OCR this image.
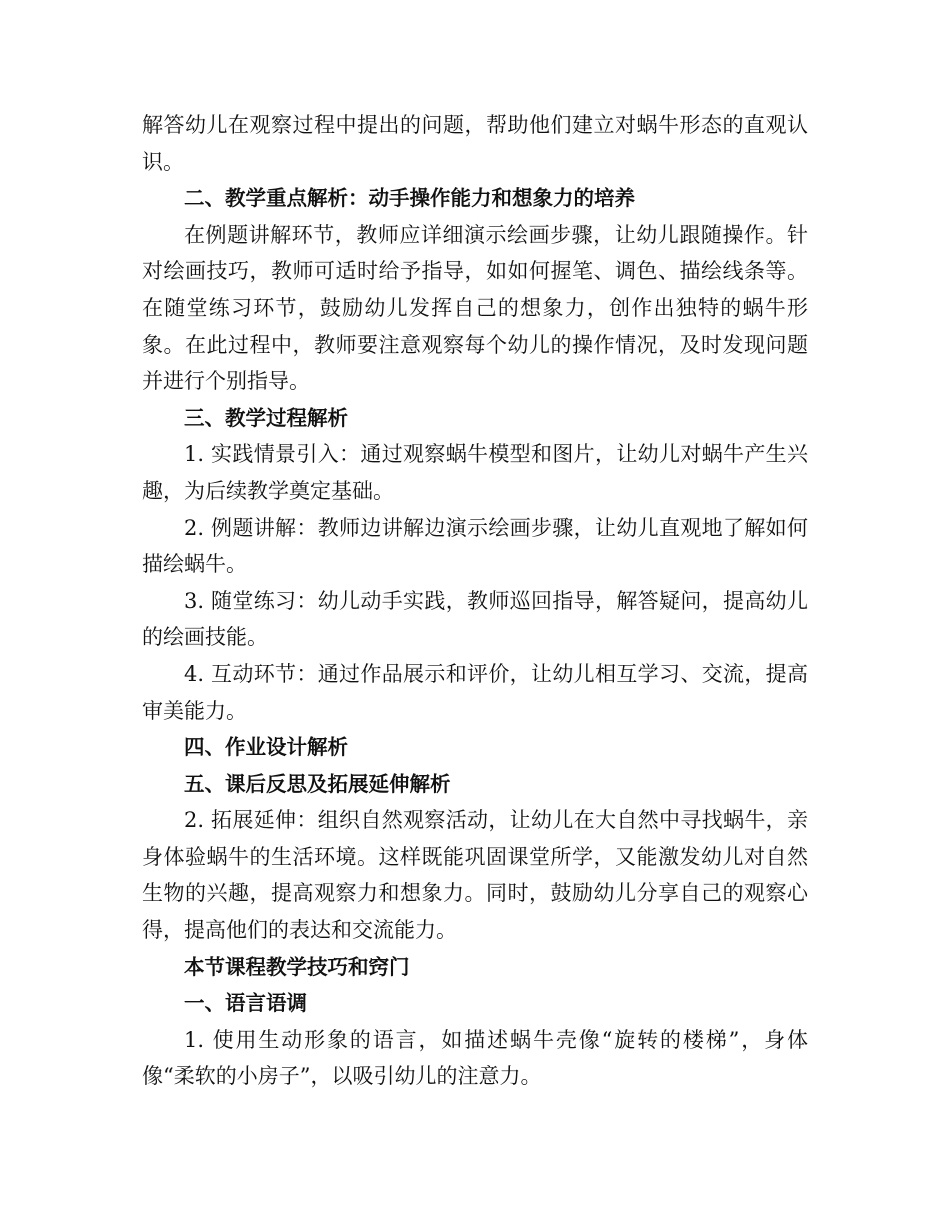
解答幼儿在观察过程中提出的问题，帮助他们建立对蜗牛形态的直观认识。

二、教学重点解析：动手操作能力和想象力的培养

在例题讲解环节，教师应详细演示绘画步骤，让幼儿跟随操作。针对绘画技巧，教师可适时给予指导，如如何握笔、调色、描绘线条等。在随堂练习环节，鼓励幼儿发挥自己的想象力，创作出独特的蜗牛形象。在此过程中，教师要注意观察每个幼儿的操作情况，及时发现问题并进行个别指导。

三、教学过程解析

1. 实践情景引入：通过观察蜗牛模型和图片，让幼儿对蜗牛产生兴趣，为后续教学奠定基础。

2. 例题讲解：教师边讲解边演示绘画步骤，让幼儿直观地了解如何描绘蜗牛。

3. 随堂练习：幼儿动手实践，教师巡回指导，解答疑问，提高幼儿的绘画技能。

4. 互动环节：通过作品展示和评价，让幼儿相互学习、交流，提高审美能力。

四、作业设计解析

五、课后反思及拓展延伸解析

2. 拓展延伸：组织自然观察活动，让幼儿在大自然中寻找蜗牛，亲身体验蜗牛的生活环境。这样既能巩固课堂所学，又能激发幼儿对自然生物的兴趣，提高观察力和想象力。同时，鼓励幼儿分享自己的观察心得，提高他们的表达和交流能力。

本节课程教学技巧和窍门

一、语言语调

1. 使用生动形象的语言，如描述蜗牛壳像“旋转的楼梯”，身体像“柔软的小房子”，以吸引幼儿的注意力。
